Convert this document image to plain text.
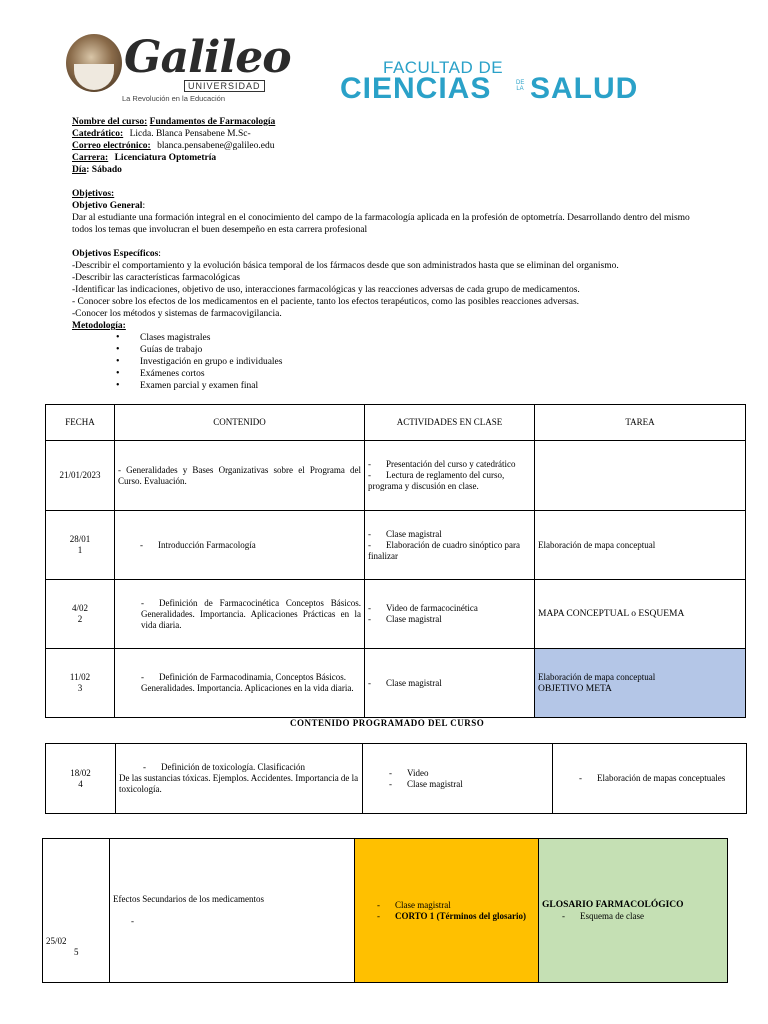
Galileo
UNIVERSIDAD
La Revolución en la Educación
FACULTAD DE
CIENCIAS	DE LA SALUD

Nombre del curso: Fundamentos de Farmacología

Catedrático: Licda. Blanca Pensabene M.Sc-

Correo electrónico: blanca.pensabene@galileo.edu

Carrera: Licenciatura Optometría

Día: Sábado

Objetivos:

Objetivo General:

Dar al estudiante una formación integral en el conocimiento del campo de la farmacología aplicada en la profesión de optometría. Desarrollando dentro del mismo todos los temas que involucran el buen desempeño en esta carrera profesional

Objetivos Específicos:

-Describir el comportamiento y la evolución básica temporal de los fármacos desde que son administrados hasta que se eliminan del organismo.

-Describir las características farmacológicas

-Identificar las indicaciones, objetivo de uso, interacciones farmacológicas y las reacciones adversas de cada grupo de medicamentos.

- Conocer sobre los efectos de los medicamentos en el paciente, tanto los efectos terapéuticos, como las posibles reacciones adversas.

-Conocer los métodos y sistemas de farmacovigilancia.

Metodología:

• Clases magistrales
• Guías de trabajo
• Investigación en grupo e individuales
• Exámenes cortos
• Examen parcial y examen final
FECHA	CONTENIDO	ACTIVIDADES EN CLASE	TAREA
21/01/2023	- Generalidades y Bases Organizativas sobre el Programa del Curso. Evaluación.	- Presentación del curso y catedrático
- Lectura de reglamento del curso, programa y discusión en clase.	
28/01
1	- Introducción Farmacología	- Clase magistral
- Elaboración de cuadro sinóptico para finalizar	Elaboración de mapa conceptual
4/02
2	- Definición de Farmacocinética Conceptos Básicos. Generalidades. Importancia. Aplicaciones Prácticas en la vida diaria.	- Video de farmacocinética
- Clase magistral	MAPA CONCEPTUAL o ESQUEMA
11/02
3	- Definición de Farmacodinamia, Conceptos Básicos. Generalidades. Importancia. Aplicaciones en la vida diaria.	- Clase magistral	Elaboración de mapa conceptual
OBJETIVO META
CONTENIDO PROGRAMADO DEL CURSO
18/02
4	- Definición de toxicología. Clasificación
De las sustancias tóxicas. Ejemplos. Accidentes. Importancia de la toxicología.	- Video
- Clase magistral	- Elaboración de mapas conceptuales
25/02
5	Efectos Secundarios de los medicamentos

-	- Clase magistral
- CORTO 1 (Términos del glosario)	GLOSARIO FARMACOLÓGICO
- Esquema de clase
